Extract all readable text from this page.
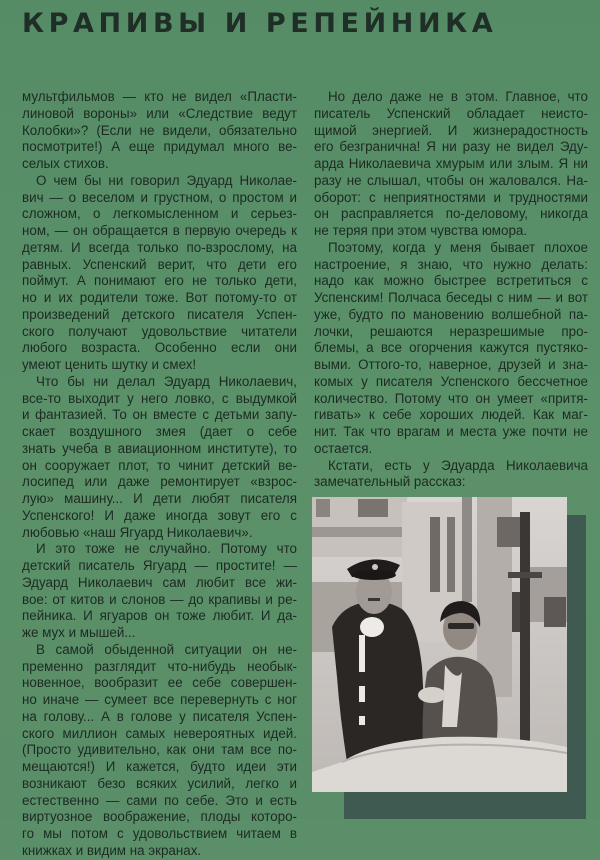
КРАПИВЫ И РЕПЕЙНИКА
мультфильмов — кто не видел «Пласти-
линовой вороны» или «Следствие ведут
Колобки»? (Если не видели, обязательно
посмотрите!) А еще придумал много ве-
селых стихов.
О чем бы ни говорил Эдуард Николае-
вич — о веселом и грустном, о простом и
сложном, о легкомысленном и серьез-
ном, — он обращается в первую очередь к
детям. И всегда только по-взрослому, на
равных. Успенский верит, что дети его
поймут. А понимают его не только дети,
но и их родители тоже. Вот потому-то от
произведений детского писателя Успен-
ского получают удовольствие читатели
любого возраста. Особенно если они
умеют ценить шутку и смех!
Что бы ни делал Эдуард Николаевич,
все-то выходит у него ловко, с выдумкой
и фантазией. То он вместе с детьми запу-
скает воздушного змея (дает о себе
знать учеба в авиационном институте), то
он сооружает плот, то чинит детский ве-
лосипед или даже ремонтирует «взрос-
лую» машину... И дети любят писателя
Успенского! И даже иногда зовут его с
любовью «наш Ягуард Николаевич».
И это тоже не случайно. Потому что
детский писатель Ягуард — простите! —
Эдуард Николаевич сам любит все жи-
вое: от китов и слонов — до крапивы и ре-
пейника. И ягуаров он тоже любит. И да-
же мух и мышей...
В самой обыденной ситуации он не-
пременно разглядит что-нибудь необык-
новенное, вообразит ее себе совершен-
но иначе — сумеет все перевернуть с ног
на голову... А в голове у писателя Успен-
ского миллион самых невероятных идей.
(Просто удивительно, как они там все по-
мещаются!) И кажется, будто идеи эти
возникают безо всяких усилий, легко и
естественно — сами по себе. Это и есть
виртуозное воображение, плоды которо-
го мы потом с удовольствием читаем в
книжках и видим на экранах.
Но дело даже не в этом. Главное, что
писатель Успенский обладает неисто-
щимой энергией. И жизнерадостность
его безгранична! Я ни разу не видел Эду-
арда Николаевича хмурым или злым. Я ни
разу не слышал, чтобы он жаловался. На-
оборот: с неприятностями и трудностями
он расправляется по-деловому, никогда
не теряя при этом чувства юмора.
Поэтому, когда у меня бывает плохое
настроение, я знаю, что нужно делать:
надо как можно быстрее встретиться с
Успенским! Полчаса беседы с ним — и вот
уже, будто по мановению волшебной па-
лочки, решаются неразрешимые про-
блемы, а все огорчения кажутся пустяко-
выми. Оттого-то, наверное, друзей и зна-
комых у писателя Успенского бессчетное
количество. Потому что он умеет «притя-
гивать» к себе хороших людей. Как маг-
нит. Так что врагам и места уже почти не
остается.
Кстати, есть у Эдуарда Николаевича
замечательный рассказ:
